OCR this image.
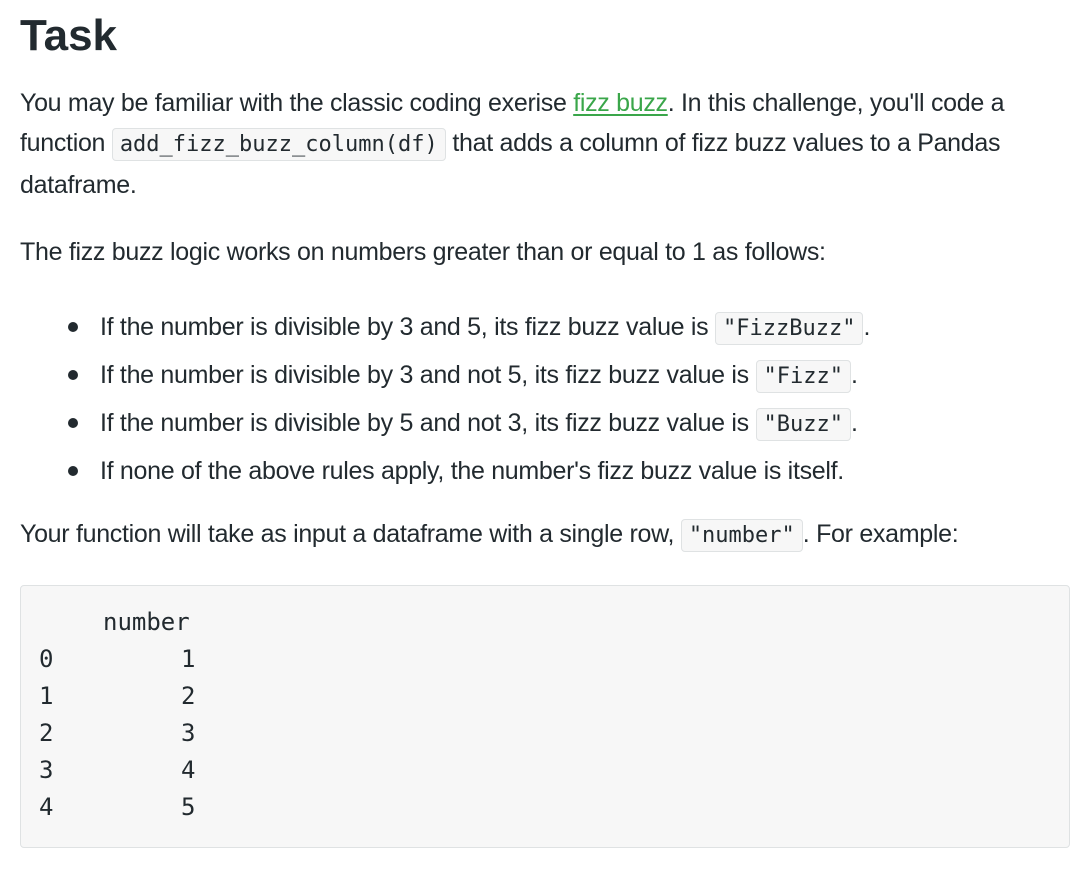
Task

You may be familiar with the classic coding exerise fizz buzz. In this challenge, you'll code a function add_fizz_buzz_column(df) that adds a column of fizz buzz values to a Pandas dataframe.

The fizz buzz logic works on numbers greater than or equal to 1 as follows:

If the number is divisible by 3 and 5, its fizz buzz value is "FizzBuzz" .
If the number is divisible by 3 and not 5, its fizz buzz value is "Fizz" .
If the number is divisible by 5 and not 3, its fizz buzz value is "Buzz" .
If none of the above rules apply, the number's fizz buzz value is itself.

Your function will take as input a dataframe with a single row, "number" . For example:

number
0	1
1	2
2	3
3	4
4	5
